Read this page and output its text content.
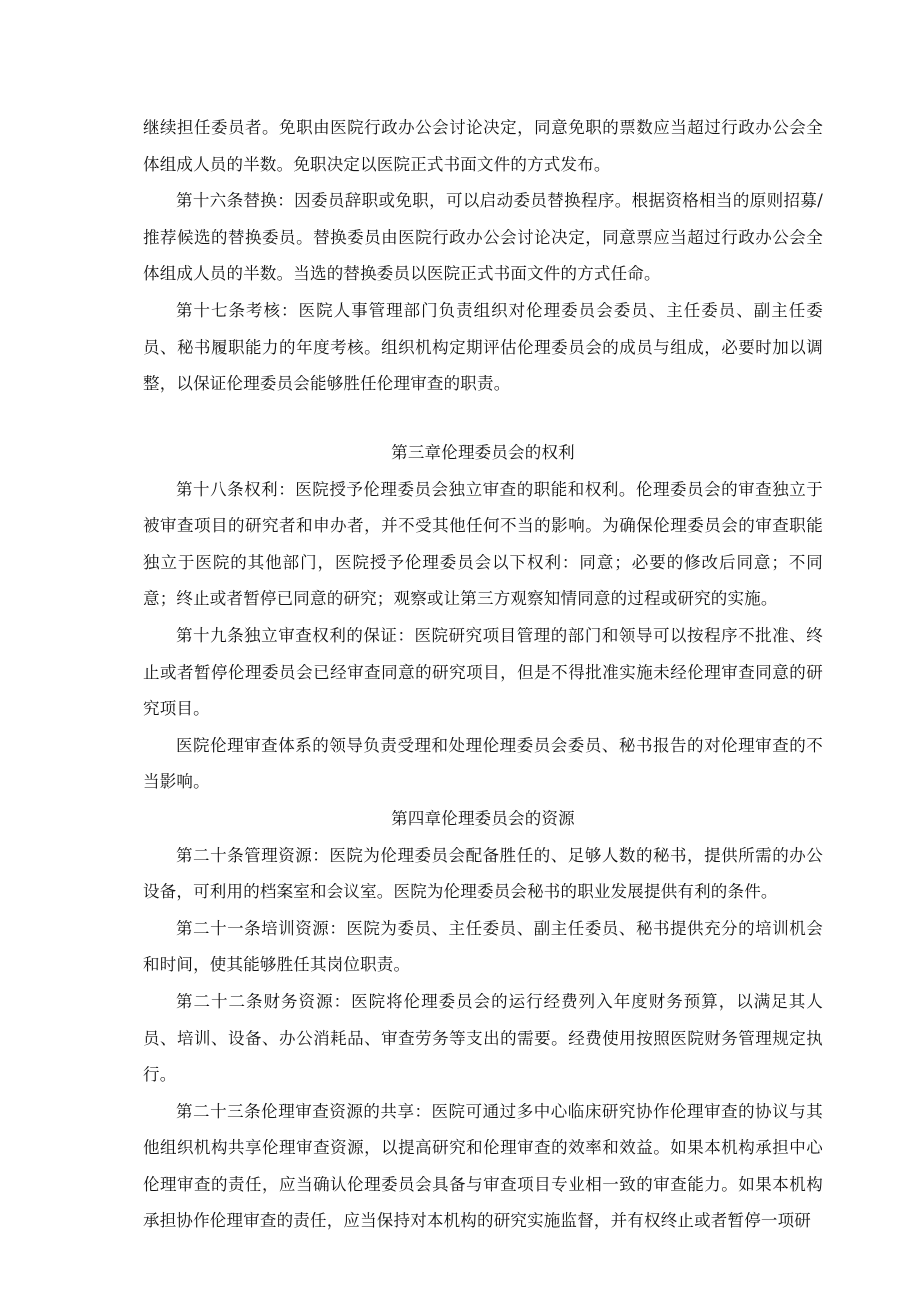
继续担任委员者。免职由医院行政办公会讨论决定，同意免职的票数应当超过行政办公会全体组成人员的半数。免职决定以医院正式书面文件的方式发布。

第十六条替换：因委员辞职或免职，可以启动委员替换程序。根据资格相当的原则招募/推荐候选的替换委员。替换委员由医院行政办公会讨论决定，同意票应当超过行政办公会全体组成人员的半数。当选的替换委员以医院正式书面文件的方式任命。

第十七条考核：医院人事管理部门负责组织对伦理委员会委员、主任委员、副主任委员、秘书履职能力的年度考核。组织机构定期评估伦理委员会的成员与组成，必要时加以调整，以保证伦理委员会能够胜任伦理审查的职责。

第三章伦理委员会的权利

第十八条权利：医院授予伦理委员会独立审查的职能和权利。伦理委员会的审查独立于被审查项目的研究者和申办者，并不受其他任何不当的影响。为确保伦理委员会的审查职能独立于医院的其他部门，医院授予伦理委员会以下权利：同意；必要的修改后同意；不同意；终止或者暂停已同意的研究；观察或让第三方观察知情同意的过程或研究的实施。

第十九条独立审查权利的保证：医院研究项目管理的部门和领导可以按程序不批准、终止或者暂停伦理委员会已经审查同意的研究项目，但是不得批准实施未经伦理审查同意的研究项目。

医院伦理审查体系的领导负责受理和处理伦理委员会委员、秘书报告的对伦理审查的不当影响。

第四章伦理委员会的资源

第二十条管理资源：医院为伦理委员会配备胜任的、足够人数的秘书，提供所需的办公设备，可利用的档案室和会议室。医院为伦理委员会秘书的职业发展提供有利的条件。

第二十一条培训资源：医院为委员、主任委员、副主任委员、秘书提供充分的培训机会和时间，使其能够胜任其岗位职责。

第二十二条财务资源：医院将伦理委员会的运行经费列入年度财务预算，以满足其人员、培训、设备、办公消耗品、审查劳务等支出的需要。经费使用按照医院财务管理规定执行。

第二十三条伦理审查资源的共享：医院可通过多中心临床研究协作伦理审查的协议与其他组织机构共享伦理审查资源，以提高研究和伦理审查的效率和效益。如果本机构承担中心伦理审查的责任，应当确认伦理委员会具备与审查项目专业相一致的审查能力。如果本机构承担协作伦理审查的责任，应当保持对本机构的研究实施监督，并有权终止或者暂停一项研
